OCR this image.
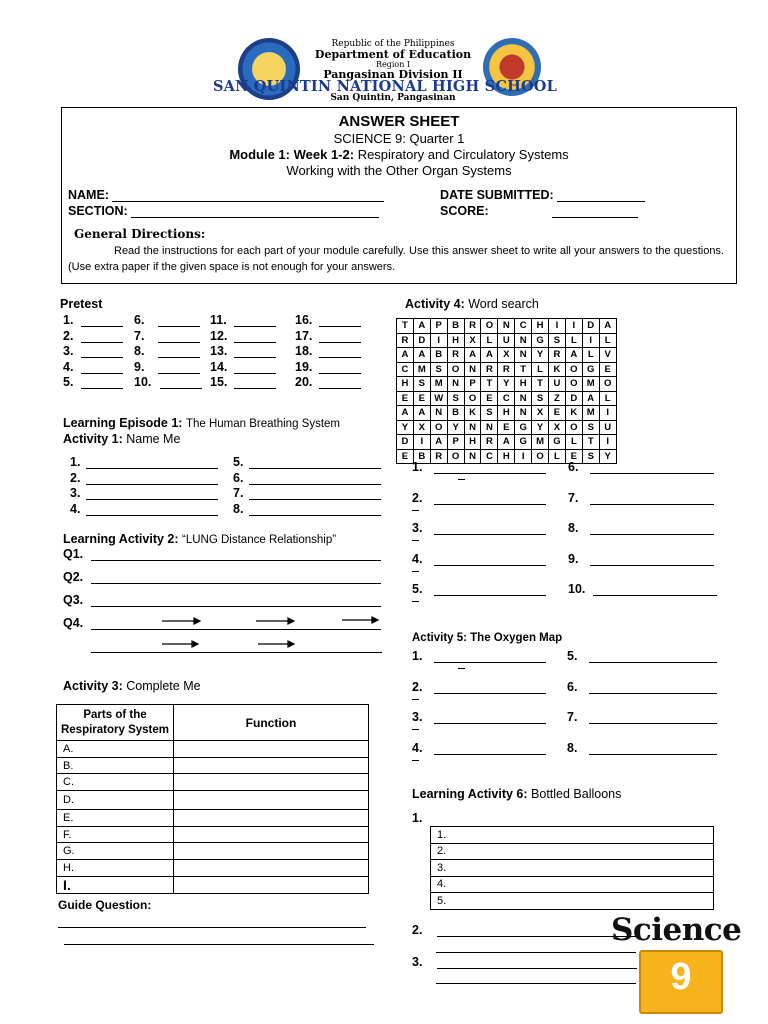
Republic of the Philippines
Department of Education
Region I
Pangasinan Division II
SAN QUINTIN NATIONAL HIGH SCHOOL
San Quintin, Pangasinan
ANSWER SHEET
SCIENCE 9: Quarter 1
Module 1: Week 1-2: Respiratory and Circulatory Systems
Working with the Other Organ Systems
NAME:
SECTION:
DATE SUBMITTED:
SCORE:
General Directions:
Read the instructions for each part of your module carefully. Use this answer sheet to write all your answers to the questions. (Use extra paper if the given space is not enough for your answers.
Pretest
1.
2.
3.
4.
5.
6.
7.
8.
9.
10.
11.
12.
13.
14.
15.
16.
17.
18.
19.
20.
Learning Episode 1: The Human Breathing System
Activity 1: Name Me
1.
2.
3.
4.
5.
6.
7.
8.
Learning Activity 2: “LUNG Distance Relationship”
Q1.
Q2.
Q3.
Q4.
Activity 3: Complete Me
Parts of the Respiratory System	Function
A.	
B.	
C.	
D.	
E.	
F.	
G.	
H.	
I.	
Guide Question:
Activity 4: Word search
T	A	P	B	R	O	N	C	H	I	I	D	A
R	D	I	H	X	L	U	N	G	S	L	I	L
A	A	B	R	A	A	X	N	Y	R	A	L	V
C	M	S	O	N	R	R	T	L	K	O	G	E
H	S	M	N	P	T	Y	H	T	U	O	M	O
E	E	W	S	O	E	C	N	S	Z	D	A	L
A	A	N	B	K	S	H	N	X	E	K	M	I
Y	X	O	Y	N	N	E	G	Y	X	O	S	U
D	I	A	P	H	R	A	G	M	G	L	T	I
E	B	R	O	N	C	H	I	O	L	E	S	Y
1.
2.
3.
4.
5.
6.
7.
8.
9.
10.
Activity 5: The Oxygen Map
1.
2.
3.
4.
5.
6.
7.
8.
Learning Activity 6: Bottled Balloons
1.
1.
2.
3.
4.
5.
2.
3.
Science
9
